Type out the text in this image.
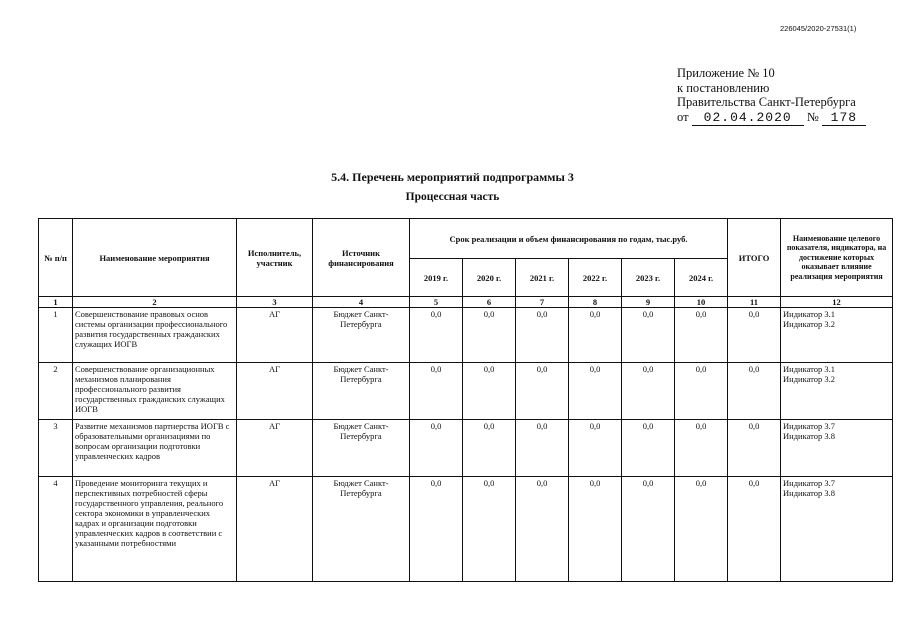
226045/2020-27531(1)
Приложение № 10
к постановлению
Правительства Санкт-Петербурга
от 02.04.2020 № 178
5.4. Перечень мероприятий подпрограммы 3
Процессная часть
№ п/п	Наименование мероприятия	Исполнитель, участник	Источник финансирования	Срок реализации и объем финансирования по годам, тыс.руб.						ИТОГО	Наименование целевого показателя, индикатора, на достижение которых оказывает влияние реализация мероприятия
				2019 г.	2020 г.	2021 г.	2022 г.	2023 г.	2024 г.		
1	2	3	4	5	6	7	8	9	10	11	12
1	Совершенствование правовых основ системы организации профессионального развития государственных гражданских служащих ИОГВ	АГ	Бюджет Санкт-Петербурга	0,0	0,0	0,0	0,0	0,0	0,0	0,0	Индикатор 3.1
Индикатор 3.2

2	Совершенствование организационных механизмов планирования профессионального развития государственных гражданских служащих ИОГВ	АГ	Бюджет Санкт-Петербурга	0,0	0,0	0,0	0,0	0,0	0,0	0,0	Индикатор 3.1
Индикатор 3.2

3	Развитие механизмов партнерства ИОГВ с образовательными организациями по вопросам организации подготовки управленческих кадров	АГ	Бюджет Санкт-Петербурга	0,0	0,0	0,0	0,0	0,0	0,0	0,0	Индикатор 3.7
Индикатор 3.8

4	Проведение мониторинга текущих и перспективных потребностей сферы государственного управления, реального сектора экономики в управленческих кадрах и организации подготовки управленческих кадров в соответствии с указанными потребностями	АГ	Бюджет Санкт-Петербурга	0,0	0,0	0,0	0,0	0,0	0,0	0,0	Индикатор 3.7
Индикатор 3.8
